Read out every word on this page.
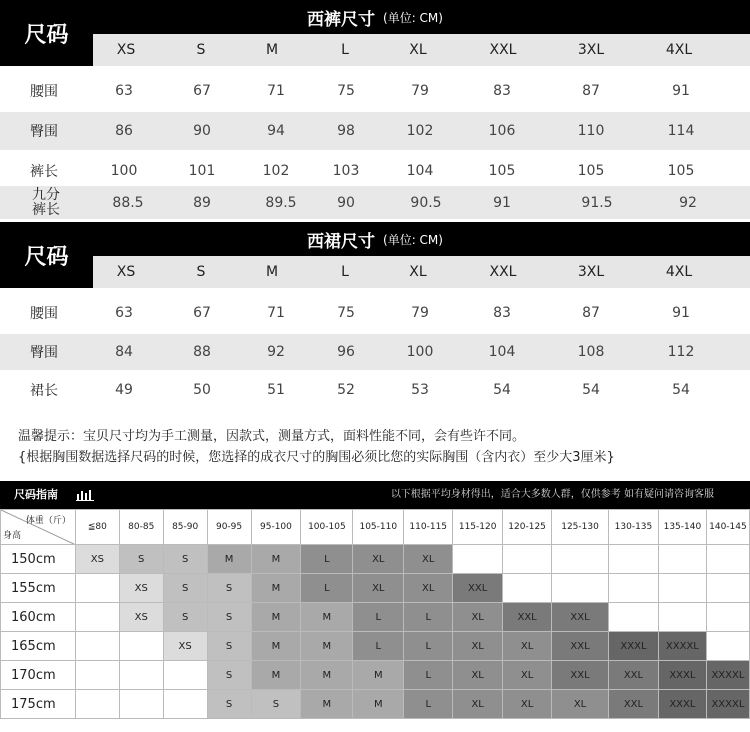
西裤尺寸 (单位: CM)
尺码
XS	S	M	L	XL	XXL	3XL	4XL
腰围	63	67	71	75	79	83	87	91
臀围	86	90	94	98	102	106	110	114
裤长	100	101	102	103	104	105	105	105
九分 裤长	88.5	89	89.5	90	90.5	91	91.5	92
西裙尺寸 (单位: CM)
尺码
XS	S	M	L	XL	XXL	3XL	4XL
腰围	63	67	71	75	79	83	87	91
臀围	84	88	92	96	100	104	108	112
裙长	49	50	51	52	53	54	54	54
温馨提示：宝贝尺寸均为手工测量，因款式，测量方式，面料性能不同，会有些许不同。
{根据胸围数据选择尺码的时候，您选择的成衣尺寸的胸围必须比您的实际胸围（含内衣）至少大3厘米}
尺码指南	以下根据平均身材得出，适合大多数人群，仅供参考 如有疑问请咨询客服
体重（斤）
身高	≦80	80-85	85-90	90-95	95-100	100-105	105-110	110-115	115-120	120-125	125-130	130-135	135-140	140-145
150cm	XS	S	S	M	M	L	XL	XL						
155cm		XS	S	S	M	L	XL	XL	XXL					
160cm		XS	S	S	M	M	L	L	XL	XXL	XXL			
165cm			XS	S	M	M	L	L	XL	XL	XXL	XXXL	XXXXL	
170cm				S	M	M	M	L	XL	XL	XXL	XXL	XXXL	XXXXL
175cm				S	S	M	M	L	XL	XL	XL	XXL	XXXL	XXXXL
